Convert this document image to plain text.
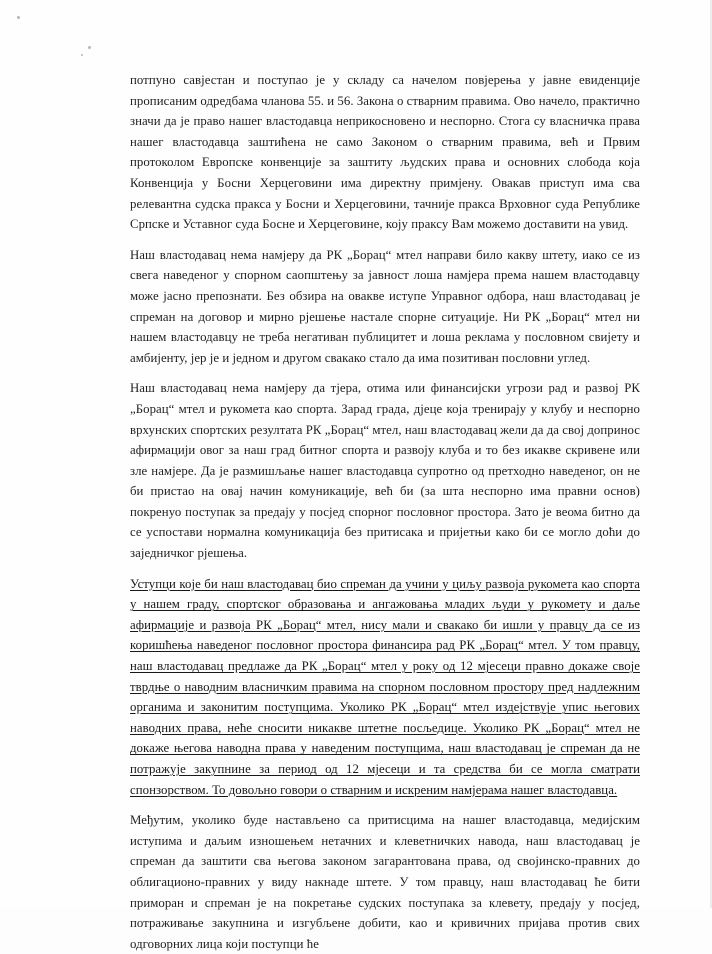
потпуно савјестан и поступао је у складу са начелом повјерења у јавне евиденције прописаним одредбама чланова 55. и 56. Закона о стварним правима. Ово начело, практично значи да је право нашег властодавца неприкосновено и неспорно. Стога су власничка права нашег властодавца заштићена не само Законом о стварним правима, већ и Првим протоколом Европске конвенције за заштиту људских права и основних слобода која Конвенција у Босни Херцеговини има директну примјену. Овакав приступ има сва релевантна судска пракса у Босни и Херцеговини, тачније пракса Врховног суда Републике Српске и Уставног суда Босне и Херцеговине, коју праксу Вам можемо доставити на увид.

Наш властодавац нема намјеру да РК „Борац“ мтел направи било какву штету, иако се из свега наведеног у спорном саопштењу за јавност лоша намјера према нашем властодавцу може јасно препознати. Без обзира на овакве иступе Управног одбора, наш властодавац је спреман на договор и мирно рјешење настале спорне ситуације. Ни РК „Борац“ мтел ни нашем властодавцу не треба негативан публицитет и лоша реклама у пословном свијету и амбијенту, јер је и једном и другом свакако стало да има позитиван пословни углед.

Наш властодавац нема намјеру да тјера, отима или финансијски угрози рад и развој РК „Борац“ мтел и рукомета као спорта. Зарад града, дјеце која тренирају у клубу и неспорно врхунских спортских резултата РК „Борац“ мтел, наш властодавац жели да да свој допринос афирмацији овог за наш град битног спорта и развоју клуба и то без икакве скривене или зле намјере. Да је размишљање нашег властодавца супротно од претходно наведеног, он не би пристао на овај начин комуникације, већ би (за шта неспорно има правни основ) покренуо поступак за предају у посјед спорног пословног простора. Зато је веома битно да се успостави нормална комуникација без притисака и пријетњи како би се могло доћи до заједничког рјешења.

Уступци које би наш властодавац био спреман да учини у циљу развоја рукомета као спорта у нашем граду, спортског образовања и ангажовања младих људи у рукомету и даље афирмације и развоја РК „Борац“ мтел, нису мали и свакако би ишли у правцу да се из коришћења наведеног пословног простора финансира рад РК „Борац“ мтел. У том правцу, наш властодавац предлаже да РК „Борац“ мтел у року од 12 мјесеци правно докаже своје тврдње о наводним власничким правима на спорном пословном простору пред надлежним органима и законитим поступцима. Уколико РК „Борац“ мтел издејствује упис његових наводних права, неће сносити никакве штетне посљедице. Уколико РК „Борац“ мтел не докаже његова наводна права у наведеним поступцима, наш властодавац је спреман да не потражује закупнине за период од 12 мјесеци и та средства би се могла сматрати спонзорством. То довољно говори о стварним и искреним намјерама нашег властодавца.

Међутим, уколико буде настављено са притисцима на нашег властодавца, медијским иступима и даљим изношењем нетачних и клеветничких навода, наш властодавац је спреман да заштити сва његова законом загарантована права, од својинско-правних до облигационо-правних у виду накнаде штете. У том правцу, наш властодавац ће бити приморан и спреман је на покретање судских поступака за клевету, предају у посјед, потраживање закупнина и изгубљене добити, као и кривичних пријава против свих одговорних лица који поступци ће
